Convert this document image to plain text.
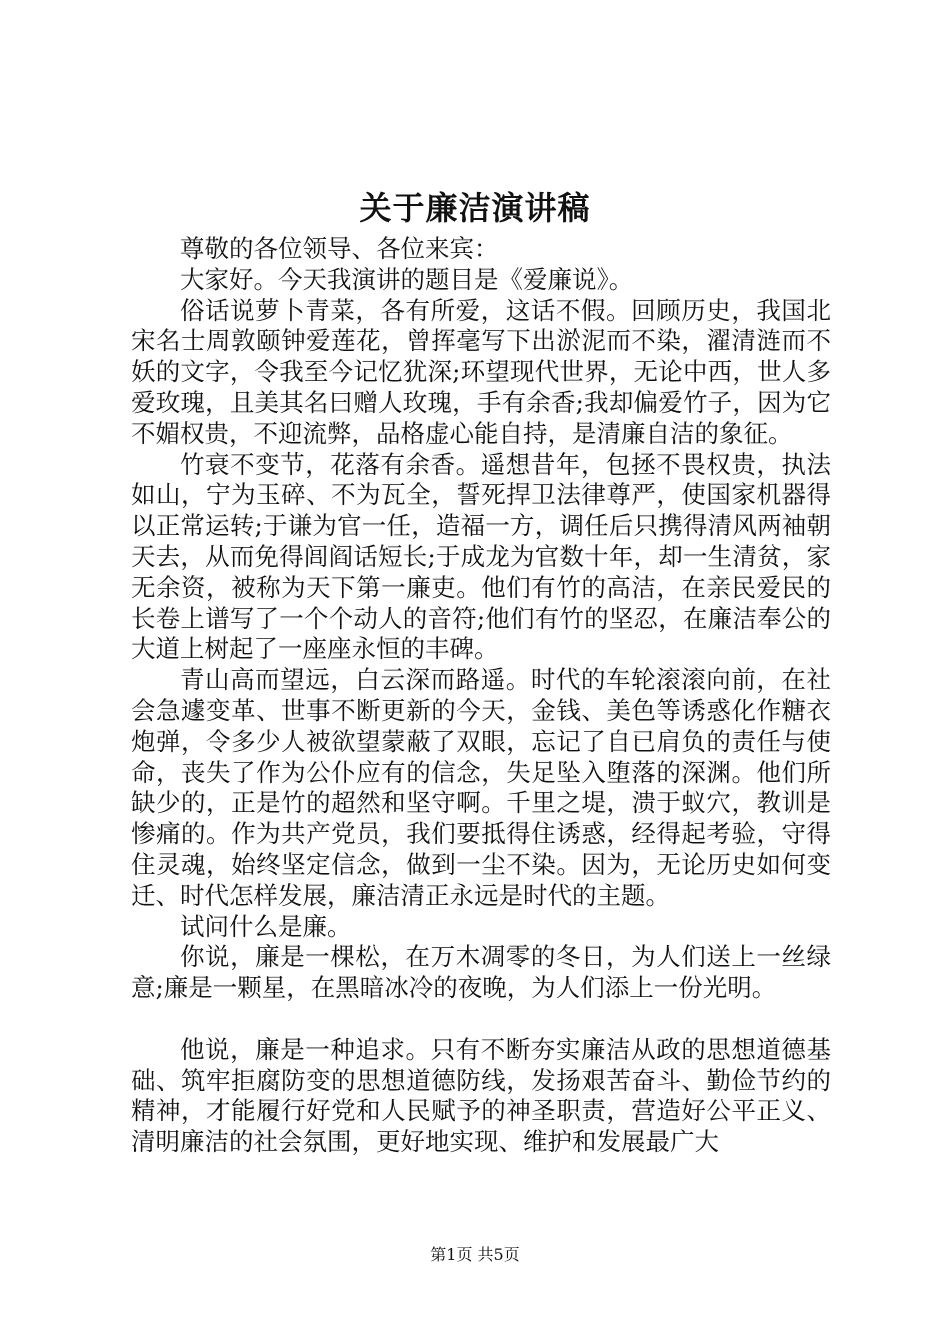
关于廉洁演讲稿

尊敬的各位领导、各位来宾：

大家好。今天我演讲的题目是《爱廉说》。

俗话说萝卜青菜，各有所爱，这话不假。回顾历史，我国北宋名士周敦颐钟爱莲花，曾挥毫写下出淤泥而不染，濯清涟而不妖的文字，令我至今记忆犹深;环望现代世界，无论中西，世人多爱玫瑰，且美其名曰赠人玫瑰，手有余香;我却偏爱竹子，因为它不媚权贵，不迎流弊，品格虚心能自持，是清廉自洁的象征。

竹衰不变节，花落有余香。遥想昔年，包拯不畏权贵，执法如山，宁为玉碎、不为瓦全，誓死捍卫法律尊严，使国家机器得以正常运转;于谦为官一任，造福一方，调任后只携得清风两袖朝天去，从而免得闾阎话短长;于成龙为官数十年，却一生清贫，家无余资，被称为天下第一廉吏。他们有竹的高洁，在亲民爱民的长卷上谱写了一个个动人的音符;他们有竹的坚忍，在廉洁奉公的大道上树起了一座座永恒的丰碑。

青山高而望远，白云深而路遥。时代的车轮滚滚向前，在社会急遽变革、世事不断更新的今天，金钱、美色等诱惑化作糖衣炮弹，令多少人被欲望蒙蔽了双眼，忘记了自已肩负的责任与使命，丧失了作为公仆应有的信念，失足坠入堕落的深渊。他们所缺少的，正是竹的超然和坚守啊。千里之堤，溃于蚁穴，教训是惨痛的。作为共产党员，我们要抵得住诱惑，经得起考验，守得住灵魂，始终坚定信念，做到一尘不染。因为，无论历史如何变迁、时代怎样发展，廉洁清正永远是时代的主题。

试问什么是廉。

你说，廉是一棵松，在万木凋零的冬日，为人们送上一丝绿意;廉是一颗星，在黑暗冰冷的夜晚，为人们添上一份光明。

他说，廉是一种追求。只有不断夯实廉洁从政的思想道德基础、筑牢拒腐防变的思想道德防线，发扬艰苦奋斗、勤俭节约的精神，才能履行好党和人民赋予的神圣职责，营造好公平正义、清明廉洁的社会氛围，更好地实现、维护和发展最广大

第1页 共5页
